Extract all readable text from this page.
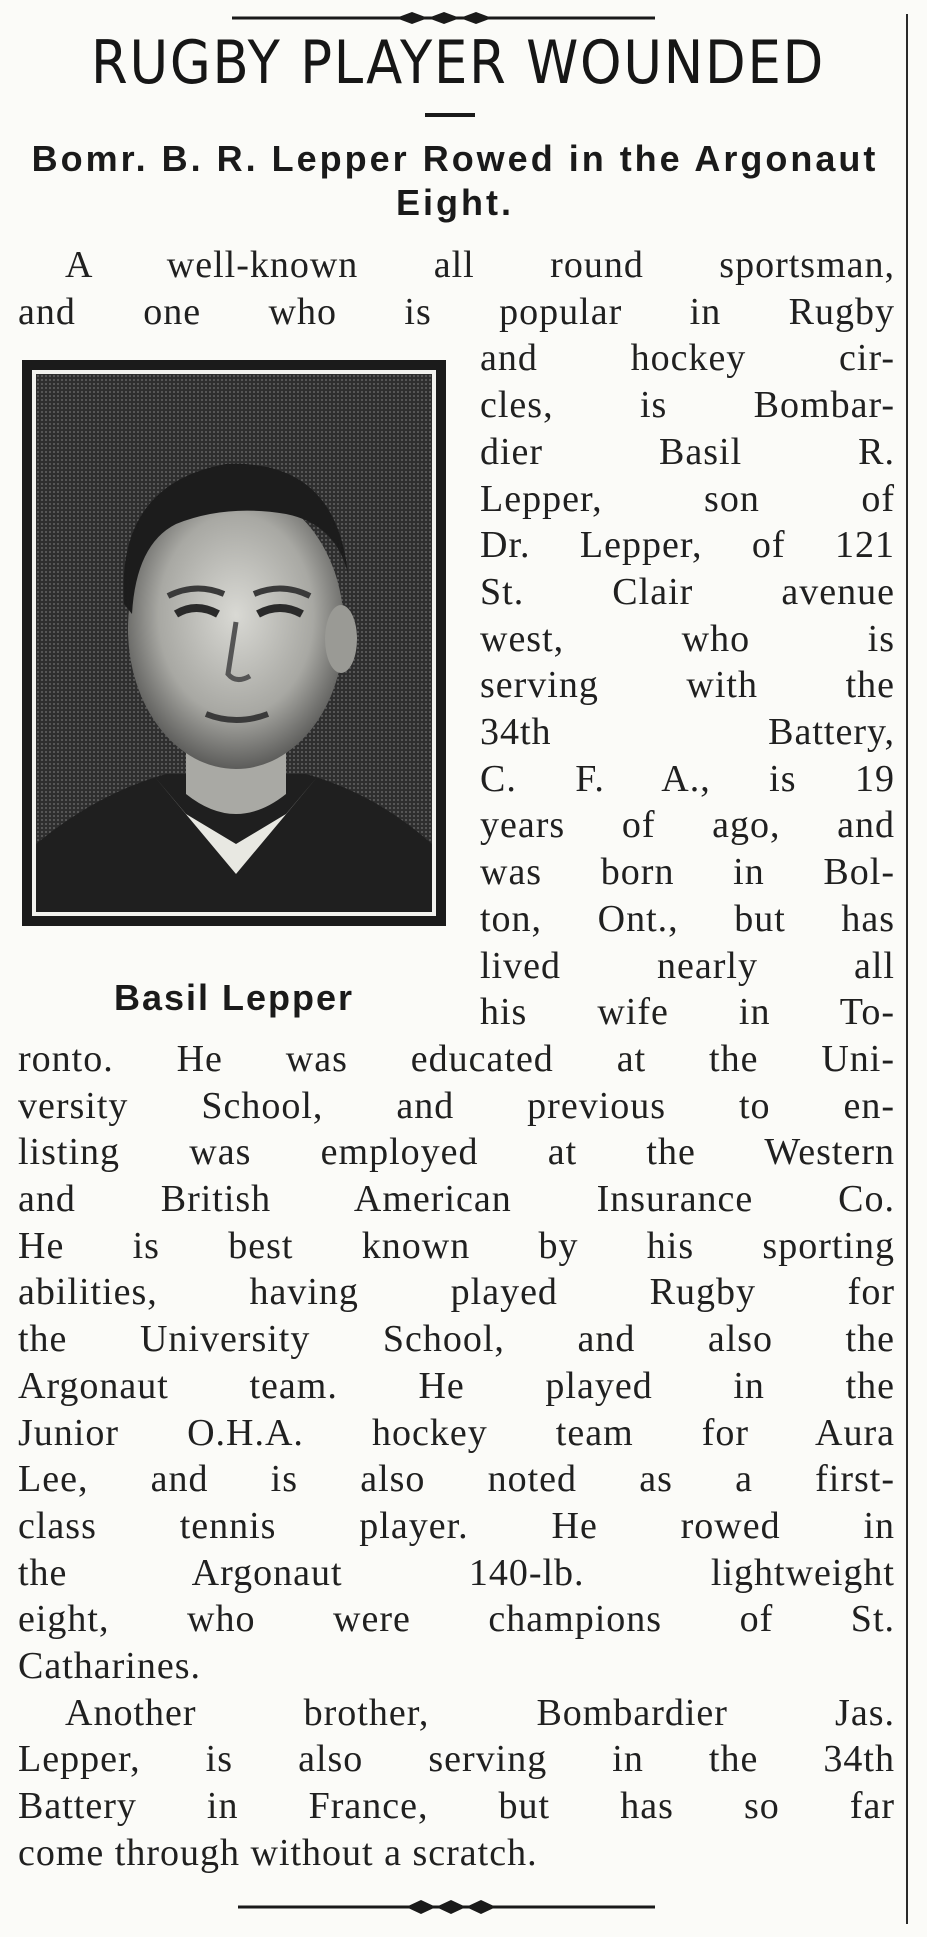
RUGBY PLAYER WOUNDED
Bomr. B. R. Lepper Rowed in the Argonaut Eight.
A well-known all round sportsman,
and one who is popular in Rugby
and hockey cir-
cles, is Bombar-
dier Basil R.
Lepper, son of
Dr. Lepper, of 121
St. Clair avenue
west, who is
serving with the
34th Battery,
C. F. A., is 19
years of ago, and
was born in Bol-
ton, Ont., but has
lived nearly all
his wife in To-
ronto. He was educated at the Uni-
versity School, and previous to en-
listing was employed at the Western
and British American Insurance Co.
He is best known by his sporting
abilities, having played Rugby for
the University School, and also the
Argonaut team. He played in the
Junior O.H.A. hockey team for Aura
Lee, and is also noted as a first-
class tennis player. He rowed in
the Argonaut 140-lb. lightweight
eight, who were champions of St.
Catharines.
Another brother, Bombardier Jas.
Lepper, is also serving in the 34th
Battery in France, but has so far
come through without a scratch.
Basil Lepper
